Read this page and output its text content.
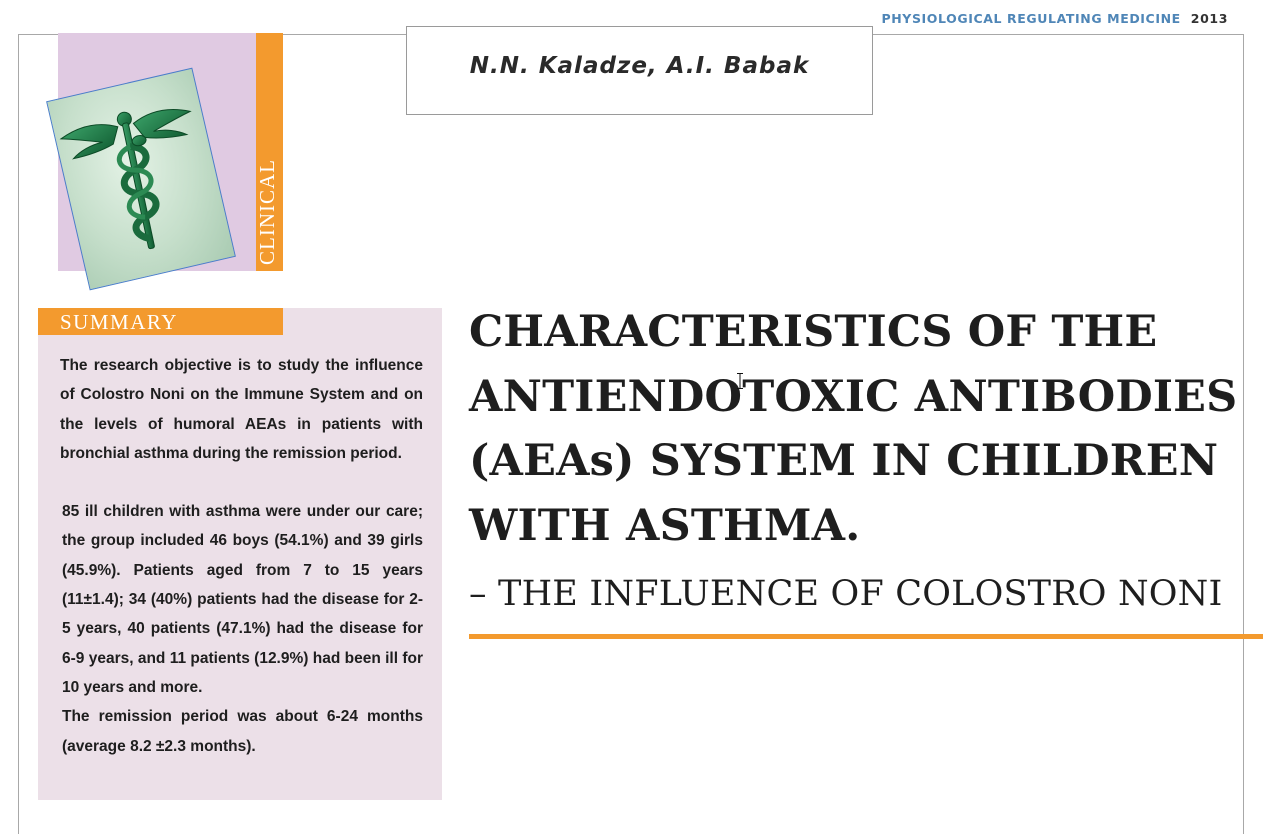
PHYSIOLOGICAL REGULATING MEDICINE 2013
N.N. Kaladze, A.I. Babak
CLINICAL
SUMMARY

The research objective is to study the influence of Colostro Noni on the Immune System and on the levels of humoral AEAs in patients with bronchial asthma during the remission period.

85 ill children with asthma were under our care; the group included 46 boys (54.1%) and 39 girls (45.9%). Patients aged from 7 to 15 years (11±1.4); 34 (40%) patients had the disease for 2-5 years, 40 patients (47.1%) had the disease for 6-9 years, and 11 patients (12.9%) had been ill for 10 years and more.

The remission period was about 6-24 months (average 8.2 ±2.3 months).

CHARACTERISTICS OF THE ANTIENDOTOXIC ANTIBODIES (AEAs) SYSTEM IN CHILDREN WITH ASTHMA.
– THE INFLUENCE OF COLOSTRO NONI
